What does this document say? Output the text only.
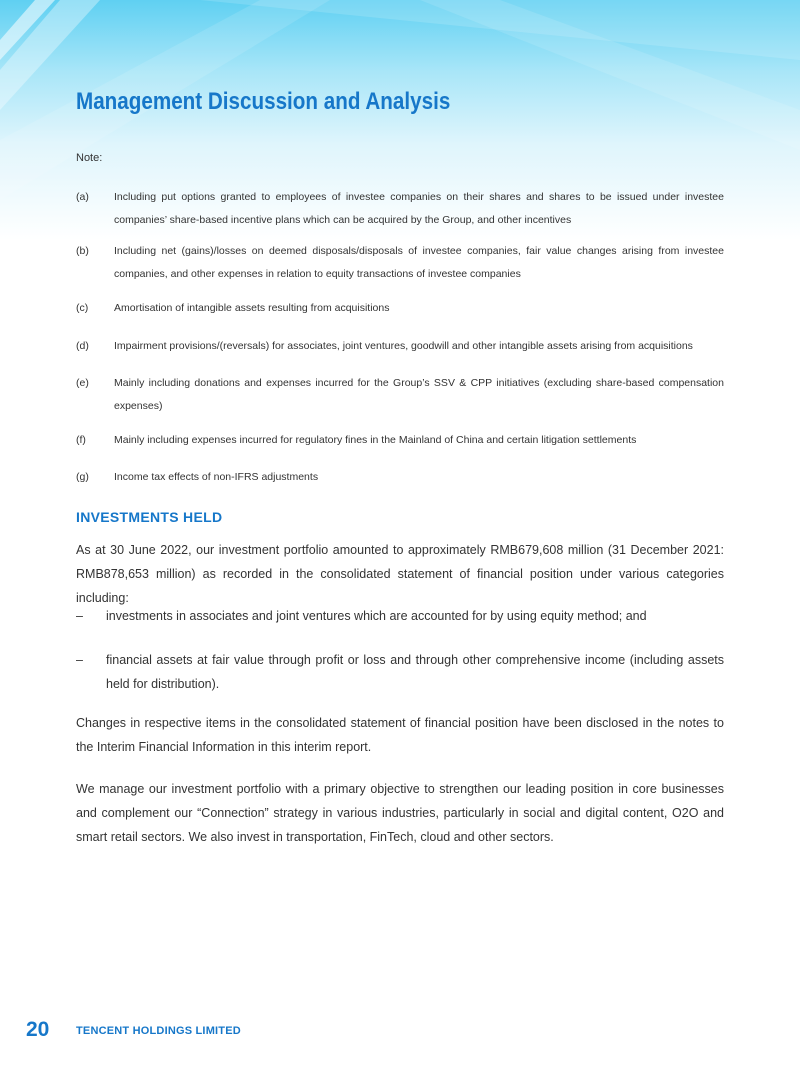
Management Discussion and Analysis
Note:
(a) Including put options granted to employees of investee companies on their shares and shares to be issued under investee companies’ share-based incentive plans which can be acquired by the Group, and other incentives
(b) Including net (gains)/losses on deemed disposals/disposals of investee companies, fair value changes arising from investee companies, and other expenses in relation to equity transactions of investee companies
(c) Amortisation of intangible assets resulting from acquisitions
(d) Impairment provisions/(reversals) for associates, joint ventures, goodwill and other intangible assets arising from acquisitions
(e) Mainly including donations and expenses incurred for the Group’s SSV & CPP initiatives (excluding share-based compensation expenses)
(f)	Mainly including expenses incurred for regulatory fines in the Mainland of China and certain litigation settlements
(g) Income tax effects of non-IFRS adjustments
INVESTMENTS HELD
As at 30 June 2022, our investment portfolio amounted to approximately RMB679,608 million (31 December 2021: RMB878,653 million) as recorded in the consolidated statement of financial position under various categories including:
– investments in associates and joint ventures which are accounted for by using equity method; and
– financial assets at fair value through profit or loss and through other comprehensive income (including assets held for distribution).
Changes in respective items in the consolidated statement of financial position have been disclosed in the notes to the Interim Financial Information in this interim report.
We manage our investment portfolio with a primary objective to strengthen our leading position in core businesses and complement our “Connection” strategy in various industries, particularly in social and digital content, O2O and smart retail sectors. We also invest in transportation, FinTech, cloud and other sectors.
20 TENCENT HOLDINGS LIMITED
